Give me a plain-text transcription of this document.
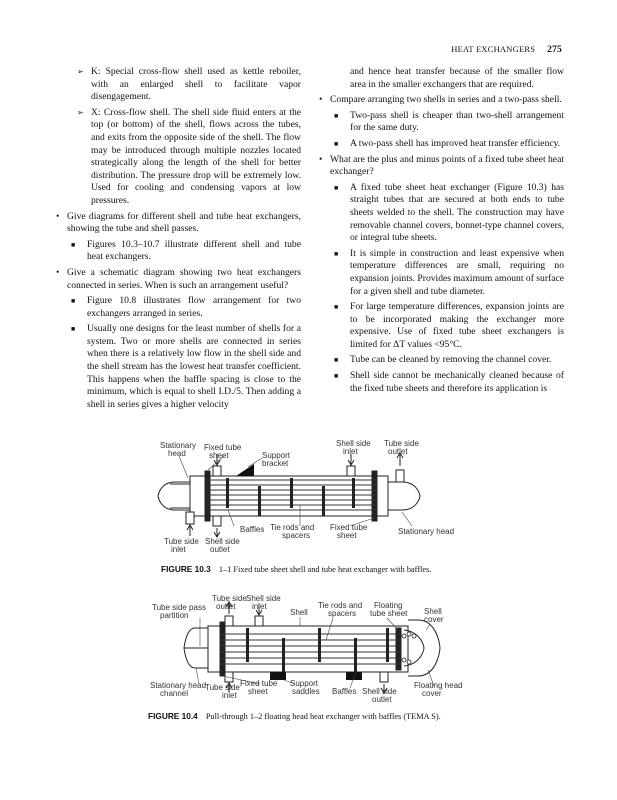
HEAT EXCHANGERS 275
➢ K: Special cross-flow shell used as kettle reboiler, with an enlarged shell to facilitate vapor disengagement.
➢ X: Cross-flow shell. The shell side fluid enters at the top (or bottom) of the shell, flows across the tubes, and exits from the opposite side of the shell. The flow may be introduced through multiple nozzles located strategically along the length of the shell for better distribution. The pressure drop will be extremely low. Used for cooling and condensing vapors at low pressures.
• Give diagrams for different shell and tube heat exchangers, showing the tube and shell passes.
■ Figures 10.3–10.7 illustrate different shell and tube heat exchangers.
• Give a schematic diagram showing two heat exchangers connected in series. When is such an arrangement useful?
■ Figure 10.8 illustrates flow arrangement for two exchangers arranged in series.
■ Usually one designs for the least number of shells for a system. Two or more shells are connected in series when there is a relatively low flow in the shell side and the shell stream has the lowest heat transfer coefficient. This happens when the baffle spacing is close to the minimum, which is equal to shell I.D./5. Then adding a shell in series gives a higher velocity
and hence heat transfer because of the smaller flow area in the smaller exchangers that are required.
• Compare arranging two shells in series and a two-pass shell.
■ Two-pass shell is cheaper than two-shell arrangement for the same duty.
■ A two-pass shell has improved heat transfer efficiency.
• What are the plus and minus points of a fixed tube sheet heat exchanger?
■ A fixed tube sheet heat exchanger (Figure 10.3) has straight tubes that are secured at both ends to tube sheets welded to the shell. The construction may have removable channel covers, bonnet-type channel covers, or integral tube sheets.
■ It is simple in construction and least expensive when temperature differences are small, requiring no expansion joints. Provides maximum amount of surface for a given shell and tube diameter.
■ For large temperature differences, expansion joints are to be incorporated making the exchanger more expensive. Use of fixed tube sheet exchangers is limited for ΔT values <95°C.
■ Tube can be cleaned by removing the channel cover.
■ Shell side cannot be mechanically cleaned because of the fixed tube sheets and therefore its application is
Stationary
head
Fixed tube
sheet	Support
bracket
Shell side
inlet
Tube side
outlet
Baffles Tie rods and
spacers
Fixed tube
sheet	Stationary head
Tube side
inlet
Shell side
outlet
FIGURE 10.3 1–1 Fixed tube sheet shell and tube heat exchanger with baffles.
Tube side pass
partition
Tube side
outlet
Shell side
inlet
Shell
Tie rods and
spacers
Floating
tube sheet Shell
cover
Stationary head
channel
Tube side
inlet
Fixed tube
sheet
Support
saddles Baffles Shell side
outlet
Floating head
cover
FIGURE 10.4 Pull-through 1–2 floating head heat exchanger with baffles (TEMA S).
